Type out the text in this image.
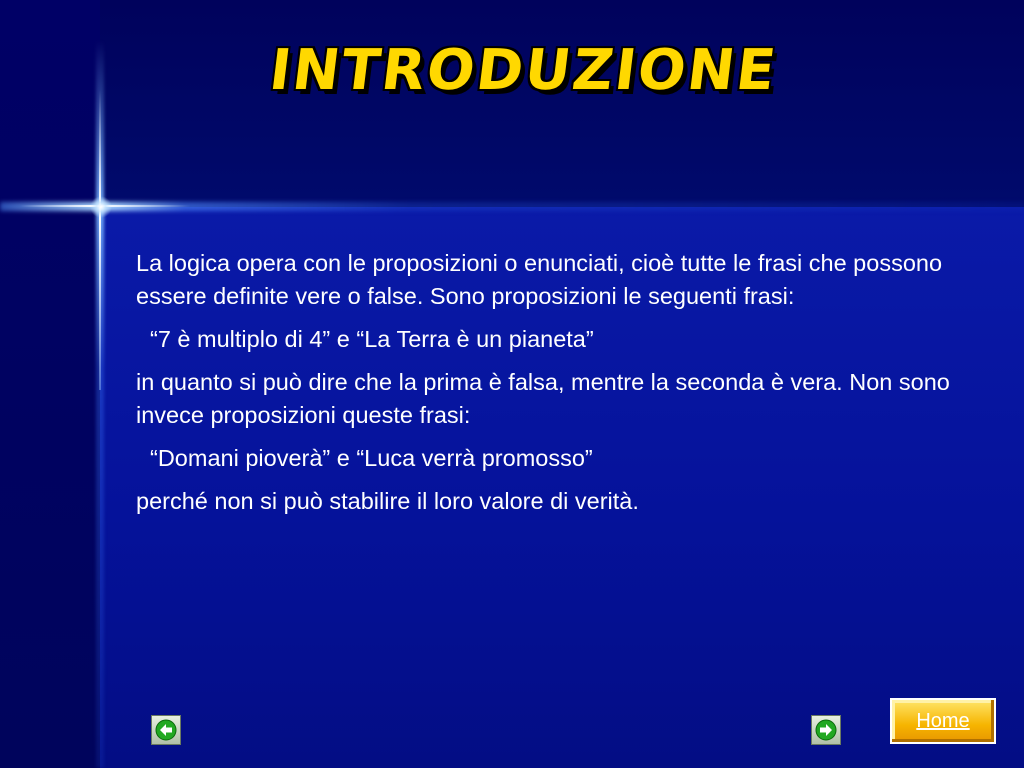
INTRODUZIONE

La logica opera con le proposizioni o enunciati, cioè tutte le frasi che possono essere definite vere o false. Sono proposizioni le seguenti frasi:

“7 è multiplo di 4” e “La Terra è un pianeta”

in quanto si può dire che la prima è falsa, mentre la seconda è vera. Non sono invece proposizioni queste frasi:

“Domani pioverà” e “Luca verrà promosso”

perché non si può stabilire il loro valore di verità.

Home
